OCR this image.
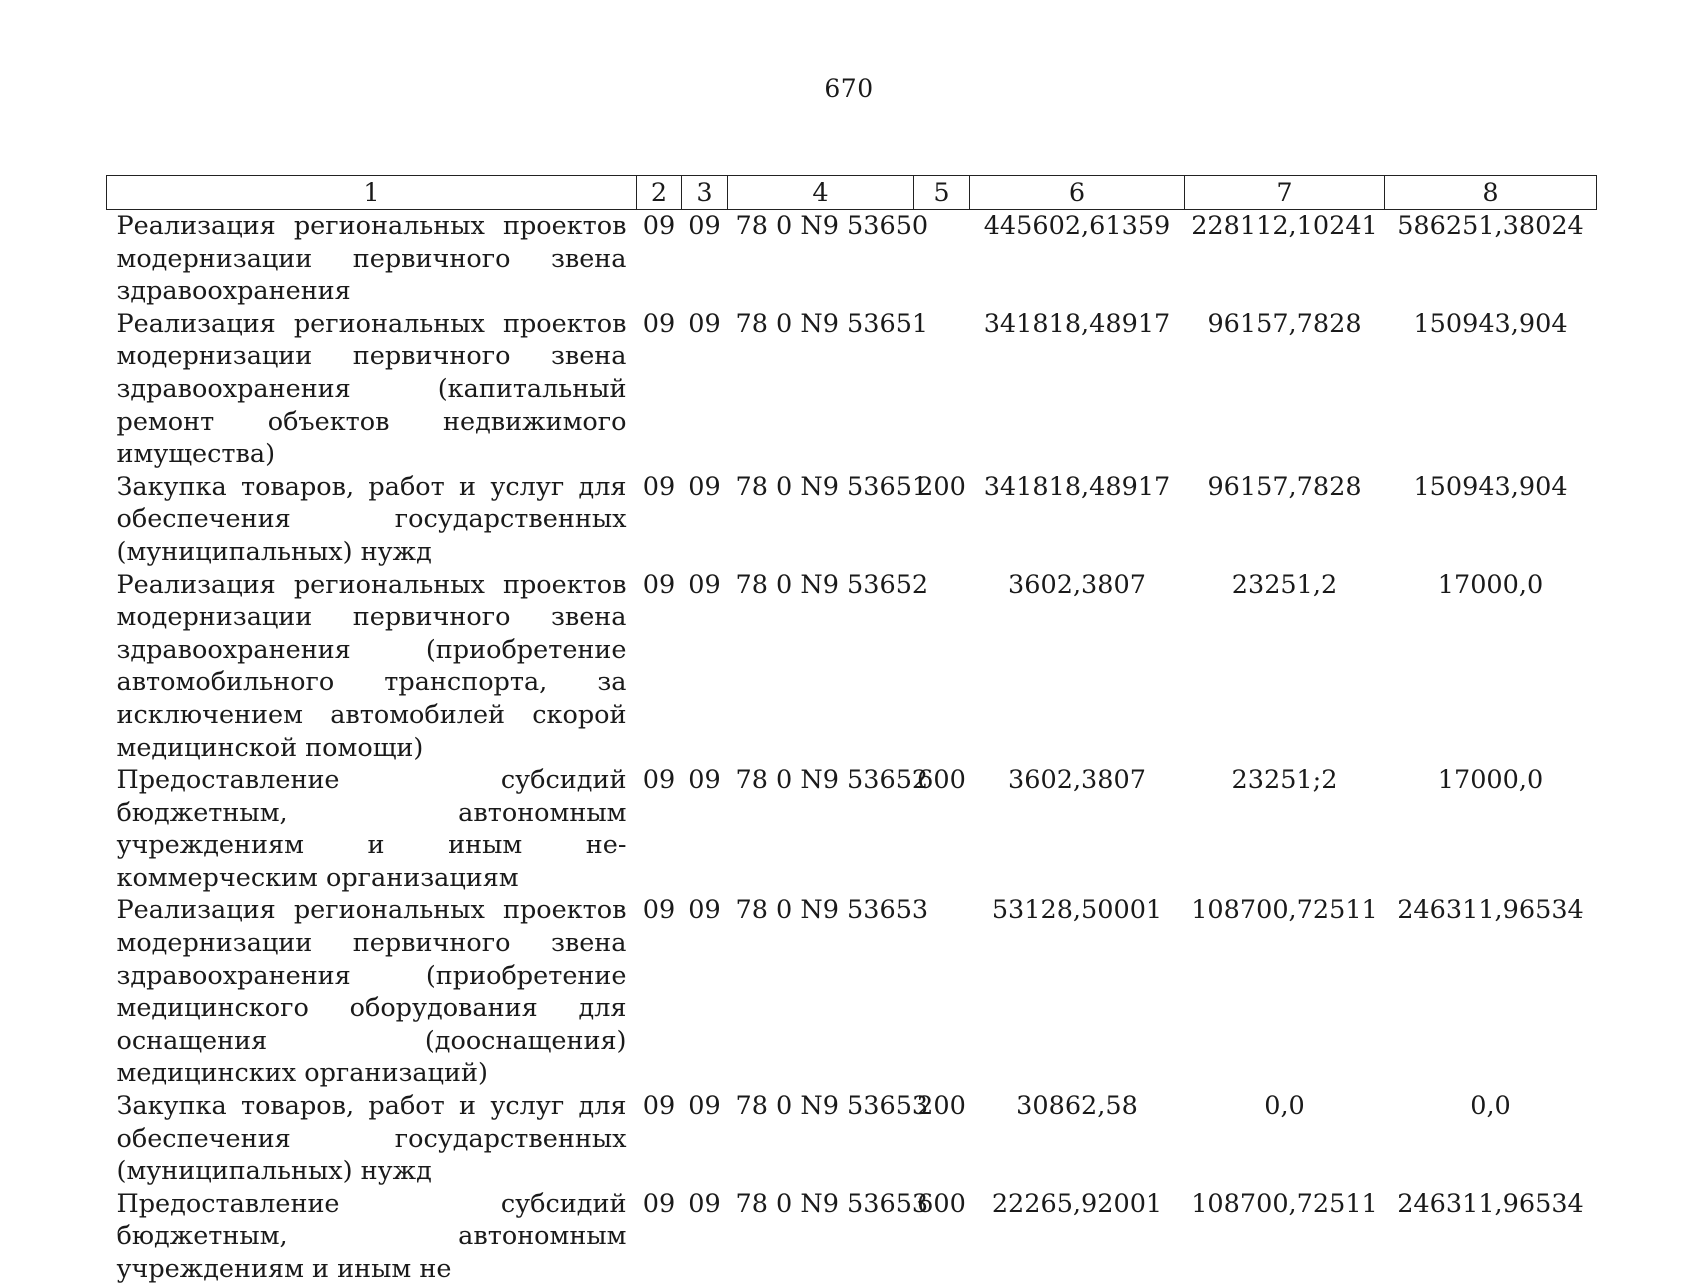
670
1	2	3	4	5	6	7	8
Реализация региональных проектов модернизации первичного звена здравоохранения	09	09	78 0 N9 53650		445602,61359	228112,10241	586251,38024
Реализация региональных проектов модернизации первичного звена здравоохранения (капитальный ремонт объектов недвижимого имущества)	09	09	78 0 N9 53651		341818,48917	96157,7828	150943,904
Закупка товаров, работ и услуг для обеспечения государственных (муниципальных) нужд	09	09	78 0 N9 53651	200	341818,48917	96157,7828	150943,904
Реализация региональных проектов модернизации первичного звена здравоохранения (приобретение автомобильного транспорта, за исключением автомобилей скорой медицинской помощи)	09	09	78 0 N9 53652		3602,3807	23251,2	17000,0
Предоставление субсидий бюджетным, автономным учреждениям и иным некоммерческим организациям	09	09	78 0 N9 53652	600	3602,3807	23251;2	17000,0
Реализация региональных проектов модернизации первичного звена здравоохранения (приобретение медицинского оборудования для оснащения (дооснащения) медицинских организаций)	09	09	78 0 N9 53653		53128,50001	108700,72511	246311,96534
Закупка товаров, работ и услуг для обеспечения государственных (муниципальных) нужд	09	09	78 0 N9 53653	200	30862,58	0,0	0,0
Предоставление субсидий бюджетным, автономным учреждениям и иным не	09	09	78 0 N9 53653	600	22265,92001	108700,72511	246311,96534
